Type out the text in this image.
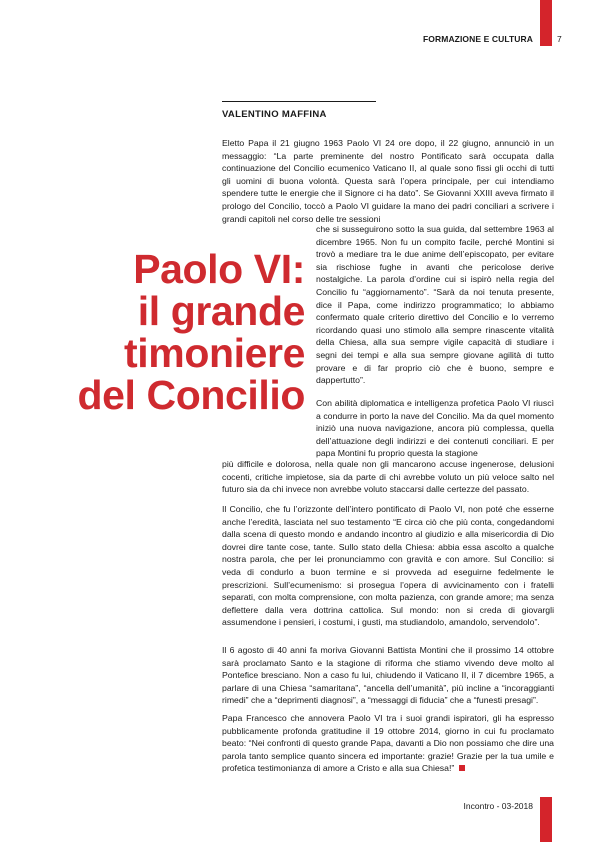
FORMAZIONE E CULTURA	7
VALENTINO MAFFINA
Paolo VI:
il grande
timoniere
del Concilio

Eletto Papa il 21 giugno 1963 Paolo VI 24 ore dopo, il 22 giugno, annunciò in un messaggio: “La parte preminente del nostro Pontificato sarà occupata dalla continuazione del Concilio ecumenico Vaticano II, al quale sono fissi gli occhi di tutti gli uomini di buona volontà. Questa sarà l’opera principale, per cui intendiamo spendere tutte le energie che il Signore ci ha dato”. Se Giovanni XXIII aveva firmato il prologo del Concilio, toccò a Paolo VI guidare la mano dei padri conciliari a scrivere i grandi capitoli nel corso delle tre sessioni

che si susseguirono sotto la sua guida, dal settembre 1963 al dicembre 1965. Non fu un compito facile, perché Montini si trovò a mediare tra le due anime dell’episcopato, per evitare sia rischiose fughe in avanti che pericolose derive nostalgiche. La parola d’ordine cui si ispirò nella regia del Concilio fu “aggiornamento”. “Sarà da noi tenuta presente, dice il Papa, come indirizzo programmatico; lo abbiamo confermato quale criterio direttivo del Concilio e lo verremo ricordando quasi uno stimolo alla sempre rinascente vitalità della Chiesa, alla sua sempre vigile capacità di studiare i segni dei tempi e alla sua sempre giovane agilità di tutto provare e di far proprio ciò che è buono, sempre e dappertutto”.

Con abilità diplomatica e intelligenza profetica Paolo VI riuscì a condurre in porto la nave del Concilio. Ma da quel momento iniziò una nuova navigazione, ancora più complessa, quella dell’attuazione degli indirizzi e dei contenuti conciliari. E per papa Montini fu proprio questa la stagione

più difficile e dolorosa, nella quale non gli mancarono accuse ingenerose, delusioni cocenti, critiche impietose, sia da parte di chi avrebbe voluto un più veloce salto nel futuro sia da chi invece non avrebbe voluto staccarsi dalle certezze del passato.

Il Concilio, che fu l’orizzonte dell’intero pontificato di Paolo VI, non poté che esserne anche l’eredità, lasciata nel suo testamento “E circa ciò che più conta, congedandomi dalla scena di questo mondo e andando incontro al giudizio e alla misericordia di Dio dovrei dire tante cose, tante. Sullo stato della Chiesa: abbia essa ascolto a qualche nostra parola, che per lei pronunciammo con gravità e con amore. Sul Concilio: si veda di condurlo a buon termine e si provveda ad eseguirne fedelmente le prescrizioni. Sull’ecumenismo: si prosegua l’opera di avvicinamento con i fratelli separati, con molta comprensione, con molta pazienza, con grande amore; ma senza deflettere dalla vera dottrina cattolica. Sul mondo: non si creda di giovargli assumendone i pensieri, i costumi, i gusti, ma studiandolo, amandolo, servendolo”.

Il 6 agosto di 40 anni fa moriva Giovanni Battista Montini che il prossimo 14 ottobre sarà proclamato Santo e la stagione di riforma che stiamo vivendo deve molto al Pontefice bresciano. Non a caso fu lui, chiudendo il Vaticano II, il 7 dicembre 1965, a parlare di una Chiesa “samaritana”, “ancella dell’umanità”, più incline a “incoraggianti rimedi” che a “deprimenti diagnosi”, a “messaggi di fiducia” che a “funesti presagi”.

Papa Francesco che annovera Paolo VI tra i suoi grandi ispiratori, gli ha espresso pubblicamente profonda gratitudine il 19 ottobre 2014, giorno in cui fu proclamato beato: “Nei confronti di questo grande Papa, davanti a Dio non possiamo che dire una parola tanto semplice quanto sincera ed importante: grazie! Grazie per la tua umile e profetica testimonianza di amore a Cristo e alla sua Chiesa!”

Incontro - 03-2018
